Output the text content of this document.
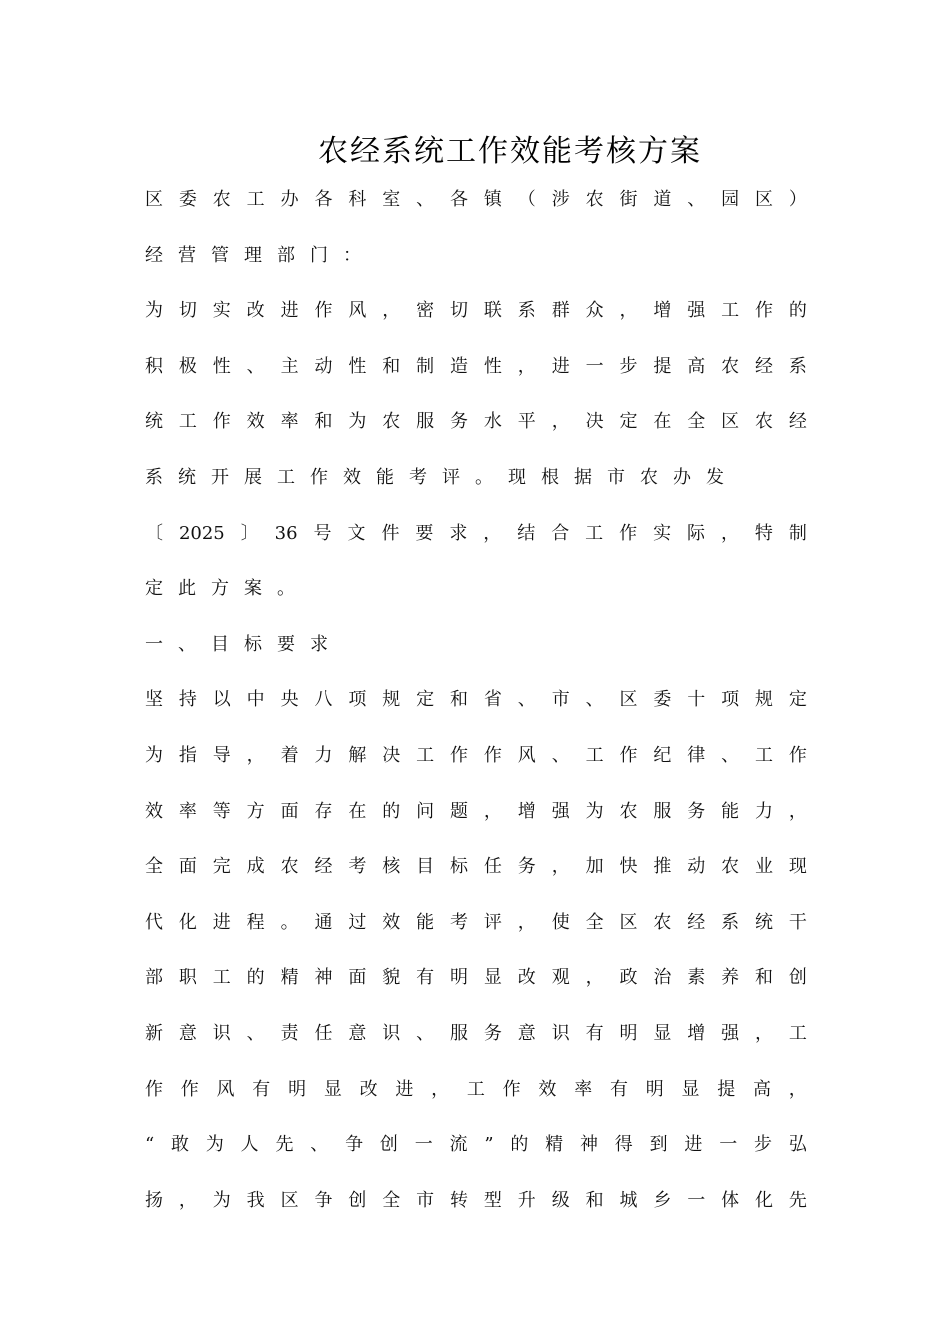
农经系统工作效能考核方案
区 委 农 工 办 各 科 室 、 各 镇 （ 涉 农 街 道 、 园 区 ）
经 营 管 理 部 门 ：
为 切 实 改 进 作 风 ， 密 切 联 系 群 众 ， 增 强 工 作 的
积 极 性 、 主 动 性 和 制 造 性 ， 进 一 步 提 高 农 经 系
统 工 作 效 率 和 为 农 服 务 水 平 ， 决 定 在 全 区 农 经
系 统 开 展 工 作 效 能 考 评 。 现 根 据 市 农 办 发
〔 2025 〕 36 号 文 件 要 求 ， 结 合 工 作 实 际 ， 特 制
定 此 方 案 。
一 、 目 标 要 求
坚 持 以 中 央 八 项 规 定 和 省 、 市 、 区 委 十 项 规 定
为 指 导 ， 着 力 解 决 工 作 作 风 、 工 作 纪 律 、 工 作
效 率 等 方 面 存 在 的 问 题 ， 增 强 为 农 服 务 能 力 ，
全 面 完 成 农 经 考 核 目 标 任 务 ， 加 快 推 动 农 业 现
代 化 进 程 。 通 过 效 能 考 评 ， 使 全 区 农 经 系 统 干
部 职 工 的 精 神 面 貌 有 明 显 改 观 ， 政 治 素 养 和 创
新 意 识 、 责 任 意 识 、 服 务 意 识 有 明 显 增 强 ， 工
作 作 风 有 明 显 改 进 ， 工 作 效 率 有 明 显 提 高 ，
“ 敢 为 人 先 、 争 创 一 流 ” 的 精 神 得 到 进 一 步 弘
扬 ， 为 我 区 争 创 全 市 转 型 升 级 和 城 乡 一 体 化 先
